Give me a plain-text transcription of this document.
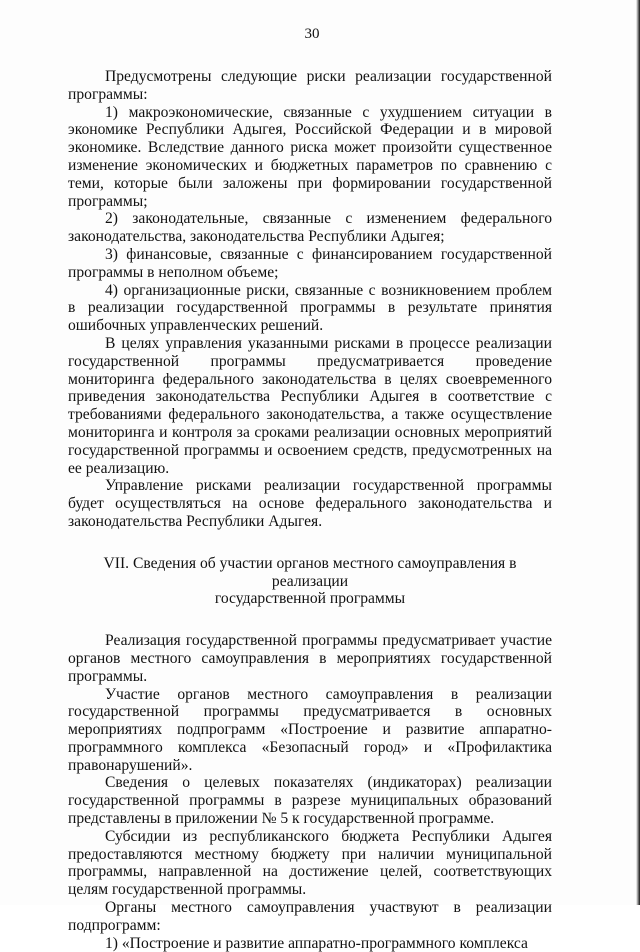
30

Предусмотрены следующие риски реализации государственной программы:

1) макроэкономические, связанные с ухудшением ситуации в экономике Республики Адыгея, Российской Федерации и в мировой экономике. Вследствие данного риска может произойти существенное изменение экономических и бюджетных параметров по сравнению с теми, которые были заложены при формировании государственной программы;

2) законодательные, связанные с изменением федерального законодательства, законодательства Республики Адыгея;

3) финансовые, связанные с финансированием государственной программы в неполном объеме;

4) организационные риски, связанные с возникновением проблем в реализации государственной программы в результате принятия ошибочных управленческих решений.

В целях управления указанными рисками в процессе реализации государственной программы предусматривается проведение мониторинга федерального законодательства в целях своевременного приведения законодательства Республики Адыгея в соответствие с требованиями федерального законодательства, а также осуществление мониторинга и контроля за сроками реализации основных мероприятий государственной программы и освоением средств, предусмотренных на ее реализацию.

Управление рисками реализации государственной программы будет осуществляться на основе федерального законодательства и законодательства Республики Адыгея.

VII. Сведения об участии органов местного самоуправления в реализации
государственной программы

Реализация государственной программы предусматривает участие органов местного самоуправления в мероприятиях государственной программы.

Участие органов местного самоуправления в реализации государственной программы предусматривается в основных мероприятиях подпрограмм «Построение и развитие аппаратно-программного комплекса «Безопасный город» и «Профилактика правонарушений».

Сведения о целевых показателях (индикаторах) реализации государственной программы в разрезе муниципальных образований представлены в приложении № 5 к государственной программе.

Субсидии из республиканского бюджета Республики Адыгея предоставляются местному бюджету при наличии муниципальной программы, направленной на достижение целей, соответствующих целям государственной программы.

Органы местного самоуправления участвуют в реализации подпрограмм:

1) «Построение и развитие аппаратно-программного комплекса
